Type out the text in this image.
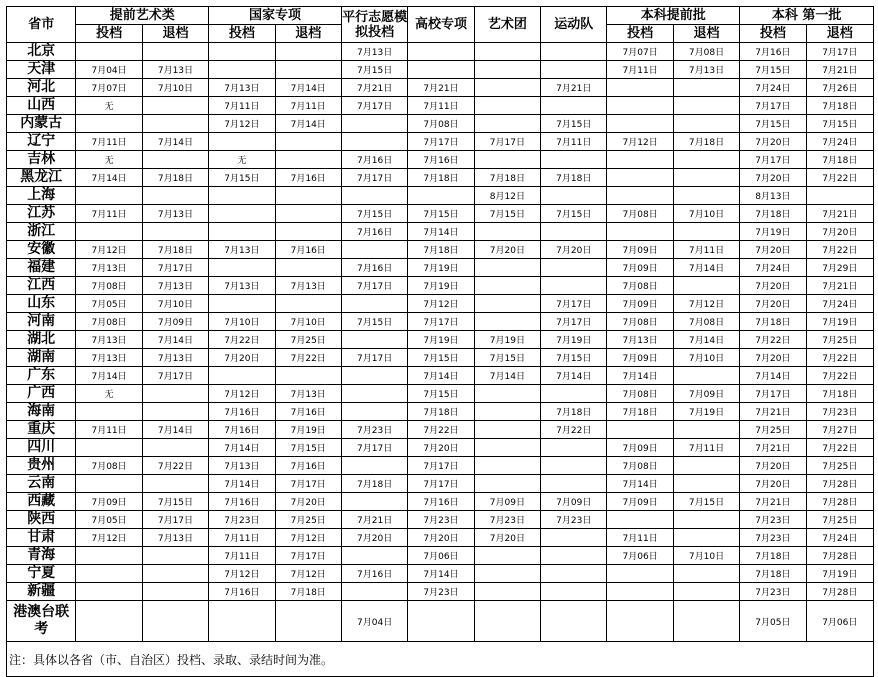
省市	提前艺术类		国家专项		平行志愿模拟投档	高校专项	艺术团	运动队	本科提前批		本科 第一批	
	投档	退档	投档	退档					投档	退档	投档	退档
北京					7月13日				7月07日	7月08日	7月16日	7月17日
天津	7月04日	7月13日			7月15日				7月11日	7月13日	7月15日	7月21日
河北	7月07日	7月10日	7月13日	7月14日	7月21日	7月21日		7月21日			7月24日	7月26日
山西	无		7月11日	7月11日	7月17日	7月11日					7月17日	7月18日
内蒙古			7月12日	7月14日		7月08日		7月15日			7月15日	7月15日
辽宁	7月11日	7月14日				7月17日	7月17日	7月11日	7月12日	7月18日	7月20日	7月24日
吉林	无		无		7月16日	7月16日					7月17日	7月18日
黑龙江	7月14日	7月18日	7月15日	7月16日	7月17日	7月18日	7月18日	7月18日			7月20日	7月22日
上海							8月12日				8月13日	
江苏	7月11日	7月13日			7月15日	7月15日	7月15日	7月15日	7月08日	7月10日	7月18日	7月21日
浙江					7月16日	7月14日					7月19日	7月20日
安徽	7月12日	7月18日	7月13日	7月16日		7月18日	7月20日	7月20日	7月09日	7月11日	7月20日	7月22日
福建	7月13日	7月17日			7月16日	7月19日			7月09日	7月14日	7月24日	7月29日
江西	7月08日	7月13日	7月13日	7月13日	7月17日	7月19日			7月08日		7月20日	7月21日
山东	7月05日	7月10日				7月12日		7月17日	7月09日	7月12日	7月20日	7月24日
河南	7月08日	7月09日	7月10日	7月10日	7月15日	7月17日		7月17日	7月08日	7月08日	7月18日	7月19日
湖北	7月13日	7月14日	7月22日	7月25日		7月19日	7月19日	7月19日	7月13日	7月14日	7月22日	7月25日
湖南	7月13日	7月13日	7月20日	7月22日	7月17日	7月15日	7月15日	7月15日	7月09日	7月10日	7月20日	7月22日
广东	7月14日	7月17日				7月14日	7月14日	7月14日	7月14日		7月14日	7月22日
广西	无		7月12日	7月13日		7月15日			7月08日	7月09日	7月17日	7月18日
海南			7月16日	7月16日		7月18日		7月18日	7月18日	7月19日	7月21日	7月23日
重庆	7月11日	7月14日	7月16日	7月19日	7月23日	7月22日		7月22日			7月25日	7月27日
四川			7月14日	7月15日	7月17日	7月20日			7月09日	7月11日	7月21日	7月22日
贵州	7月08日	7月22日	7月13日	7月16日		7月17日			7月08日		7月20日	7月25日
云南			7月14日	7月17日	7月18日	7月17日			7月14日		7月20日	7月28日
西藏	7月09日	7月15日	7月16日	7月20日		7月16日	7月09日	7月09日	7月09日	7月15日	7月21日	7月28日
陕西	7月05日	7月17日	7月23日	7月25日	7月21日	7月23日	7月23日	7月23日			7月23日	7月25日
甘肃	7月12日	7月13日	7月11日	7月12日	7月20日	7月20日	7月20日		7月11日		7月23日	7月24日
青海			7月11日	7月17日		7月06日			7月06日	7月10日	7月18日	7月28日
宁夏			7月12日	7月12日	7月16日	7月14日					7月18日	7月19日
新疆			7月16日	7月18日		7月23日					7月23日	7月28日
港澳台联考					7月04日						7月05日	7月06日
注：具体以各省（市、自治区）投档、录取、录结时间为准。												
